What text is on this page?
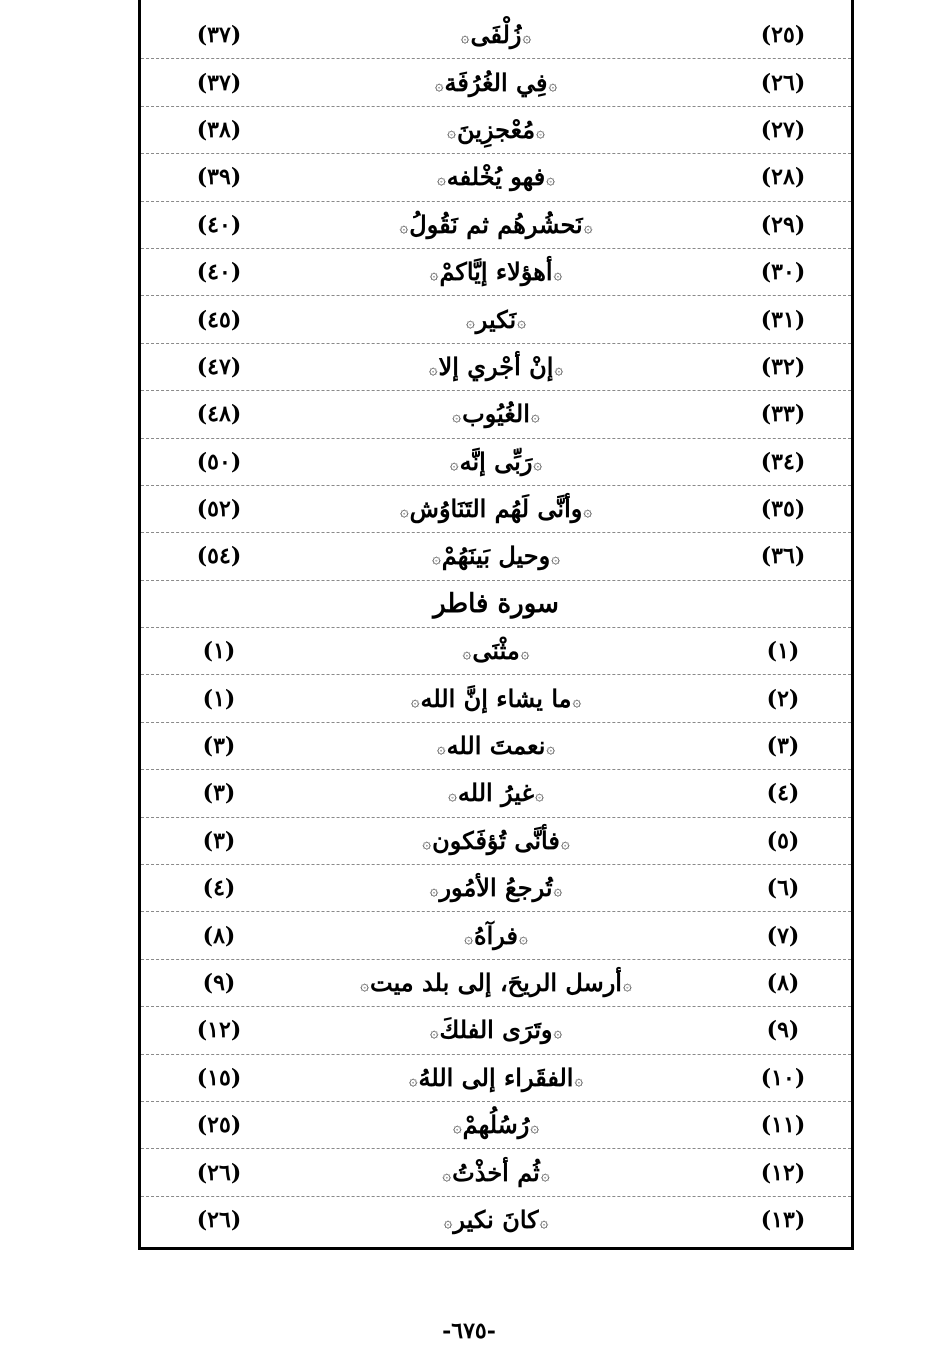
(٣٧)	۞زُلْفَى۞	(٢٥)
(٣٧)	۞فِي الغُرُفَة۞	(٢٦)
(٣٨)	۞مُعْجزِينَ۞	(٢٧)
(٣٩)	۞فهو يُخْلفه۞	(٢٨)
(٤٠)	۞نَحشُرهُم ثم نَقُولُ۞	(٢٩)
(٤٠)	۞أهؤلاء إيَّاكمْ۞	(٣٠)
(٤٥)	۞نَكير۞	(٣١)
(٤٧)	۞إنْ أجْري إلا۞	(٣٢)
(٤٨)	۞الغُيُوب۞	(٣٣)
(٥٠)	۞رَبِّى إنَّه۞	(٣٤)
(٥٢)	۞وأنَّى لَهُم التَنَاوُش۞	(٣٥)
(٥٤)	۞وحيل بَينَهُمْ۞	(٣٦)
سورة فاطر
(١)	۞مثْنَى۞	(١)
(١)	۞ما يشاء إنَّ الله۞	(٢)
(٣)	۞نعمتَ الله۞	(٣)
(٣)	۞غيرُ الله۞	(٤)
(٣)	۞فأنَّى تُؤفَكون۞	(٥)
(٤)	۞تُرجعُ الأمُور۞	(٦)
(٨)	۞فرآهُ۞	(٧)
(٩)	۞أرسل الريحَ، إلى بلد ميت۞	(٨)
(١٢)	۞وتَرَى الفلكَ۞	(٩)
(١٥)	۞الفقَراء إلى اللهُ۞	(١٠)
(٢٥)	۞رُسُلُهمْ۞	(١١)
(٢٦)	۞ثُم أخذْتُ۞	(١٢)
(٢٦)	۞كانَ نكير۞	(١٣)
-٦٧٥-
